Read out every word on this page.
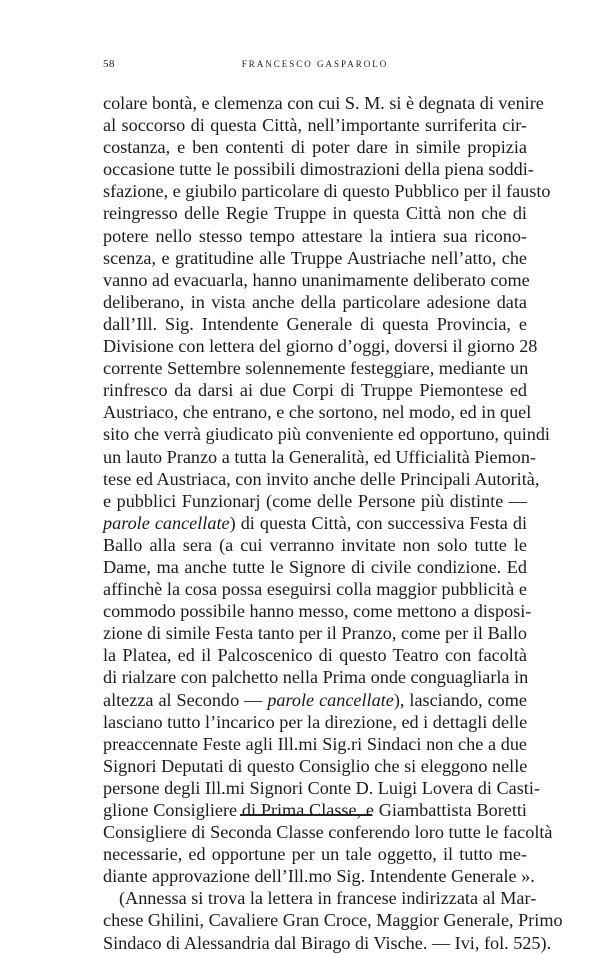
58	FRANCESCO GASPAROLO
colare bontà, e clemenza con cui S. M. si è degnata di venire
al soccorso di questa Città, nell’importante surriferita cir-
costanza, e ben contenti di poter dare in simile propizia
occasione tutte le possibili dimostrazioni della piena soddi-
sfazione, e giubilo particolare di questo Pubblico per il fausto
reingresso delle Regie Truppe in questa Città non che di
potere nello stesso tempo attestare la intiera sua ricono-
scenza, e gratitudine alle Truppe Austriache nell’atto, che
vanno ad evacuarla, hanno unanimamente deliberato come
deliberano, in vista anche della particolare adesione data
dall’Ill. Sig. Intendente Generale di questa Provincia, e
Divisione con lettera del giorno d’oggi, doversi il giorno 28
corrente Settembre solennemente festeggiare, mediante un
rinfresco da darsi ai due Corpi di Truppe Piemontese ed
Austriaco, che entrano, e che sortono, nel modo, ed in quel
sito che verrà giudicato più conveniente ed opportuno, quindi
un lauto Pranzo a tutta la Generalità, ed Ufficialità Piemon-
tese ed Austriaca, con invito anche delle Principali Autorità,
e pubblici Funzionarj (come delle Persone più distinte —
parole cancellate) di questa Città, con successiva Festa di
Ballo alla sera (a cui verranno invitate non solo tutte le
Dame, ma anche tutte le Signore di civile condizione. Ed
affinchè la cosa possa eseguirsi colla maggior pubblicità e
commodo possibile hanno messo, come mettono a disposi-
zione di simile Festa tanto per il Pranzo, come per il Ballo
la Platea, ed il Palcoscenico di questo Teatro con facoltà
di rialzare con palchetto nella Prima onde conguagliarla in
altezza al Secondo — parole cancellate), lasciando, come
lasciano tutto l’incarico per la direzione, ed i dettagli delle
preaccennate Feste agli Ill.mi Sig.ri Sindaci non che a due
Signori Deputati di questo Consiglio che si eleggono nelle
persone degli Ill.mi Signori Conte D. Luigi Lovera di Casti-
glione Consigliere di Prima Classe, e Giambattista Boretti
Consigliere di Seconda Classe conferendo loro tutte le facoltà
necessarie, ed opportune per un tale oggetto, il tutto me-
diante approvazione dell’Ill.mo Sig. Intendente Generale ».
(Annessa si trova la lettera in francese indirizzata al Mar-
chese Ghilini, Cavaliere Gran Croce, Maggior Generale, Primo
Sindaco di Alessandria dal Birago di Vische. — Ivi, fol. 525).
